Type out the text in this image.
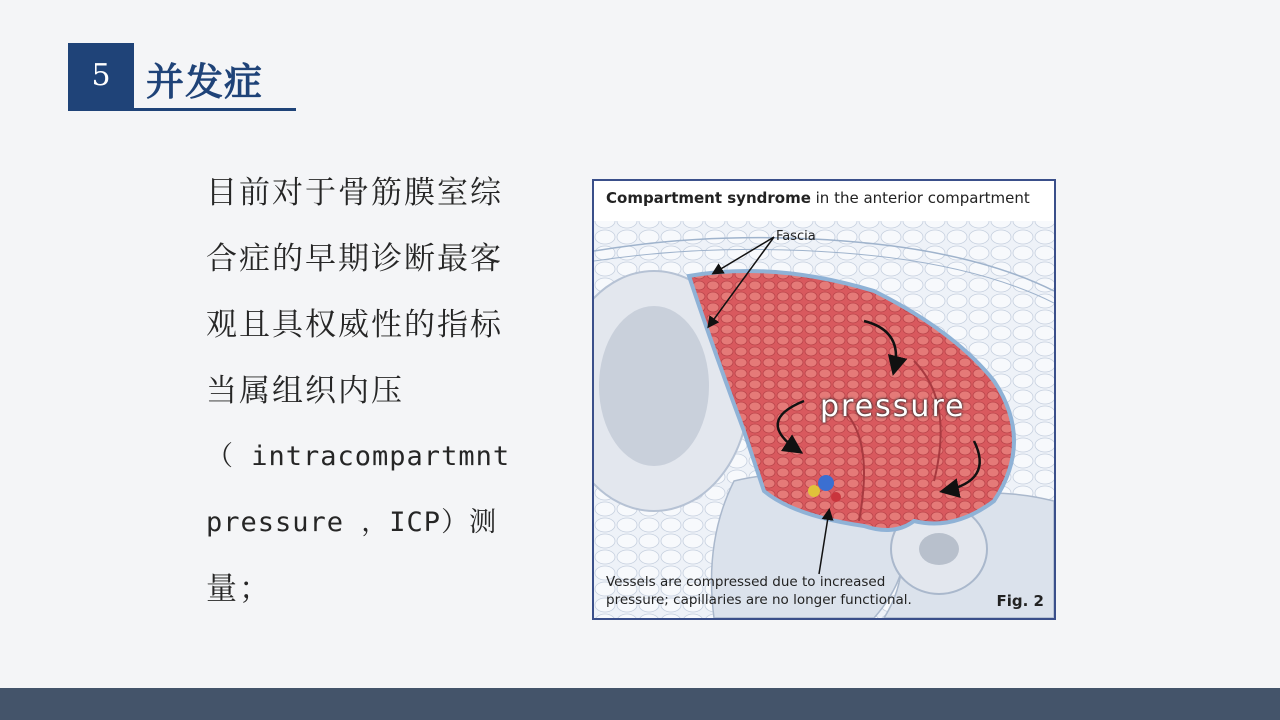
5 并发症
目前对于骨筋膜室综
合症的早期诊断最客
观且具权威性的指标
当属组织内压
（ intracompartmnt
pressure ，ICP）测
量；
Compartment syndrome in the anterior compartment
Fascia
pressure
Vessels are compressed due to increased
pressure; capillaries are no longer functional.	Fig. 2
